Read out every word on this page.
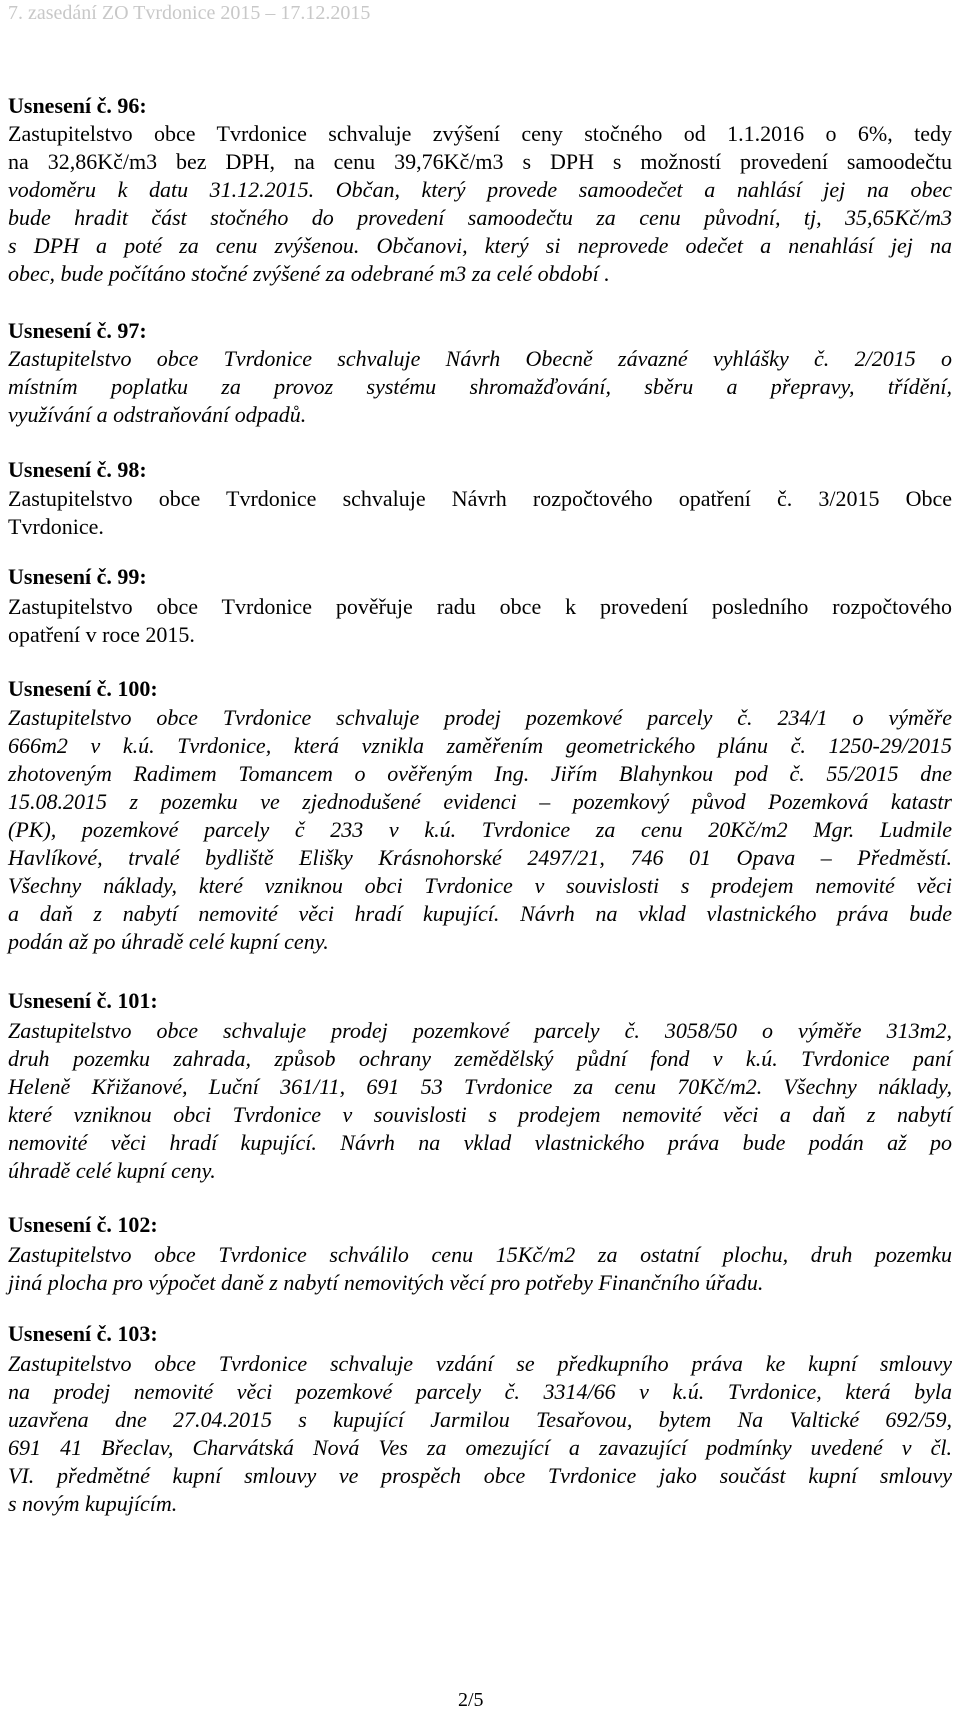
7. zasedání ZO Tvrdonice 2015 – 17.12.2015
Usnesení č. 96:
Zastupitelstvo obce Tvrdonice schvaluje zvýšení ceny stočného od 1.1.2016 o 6%, tedy
na 32,86Kč/m3 bez DPH, na cenu 39,76Kč/m3 s DPH s možností provedení samoodečtu
vodoměru k datu 31.12.2015. Občan, který provede samoodečet a nahlásí jej na obec
bude hradit část stočného do provedení samoodečtu za cenu původní, tj, 35,65Kč/m3
s DPH a poté za cenu zvýšenou. Občanovi, který si neprovede odečet a nenahlásí jej na
obec, bude počítáno stočné zvýšené za odebrané m3 za celé období .
Usnesení č. 97:
Zastupitelstvo obce Tvrdonice schvaluje Návrh Obecně závazné vyhlášky č. 2/2015 o
místním poplatku za provoz systému shromažďování, sběru a přepravy, třídění,
využívání a odstraňování odpadů.
Usnesení č. 98:
Zastupitelstvo obce Tvrdonice schvaluje Návrh rozpočtového opatření č. 3/2015 Obce
Tvrdonice.
Usnesení č. 99:
Zastupitelstvo obce Tvrdonice pověřuje radu obce k provedení posledního rozpočtového
opatření v roce 2015.
Usnesení č. 100:
Zastupitelstvo obce Tvrdonice schvaluje prodej pozemkové parcely č. 234/1 o výměře
666m2 v k.ú. Tvrdonice, která vznikla zaměřením geometrického plánu č. 1250-29/2015
zhotoveným Radimem Tomancem o ověřeným Ing. Jiřím Blahynkou pod č. 55/2015 dne
15.08.2015 z pozemku ve zjednodušené evidenci – pozemkový původ Pozemková katastr
(PK), pozemkové parcely č 233 v k.ú. Tvrdonice za cenu 20Kč/m2 Mgr. Ludmile
Havlíkové, trvalé bydliště Elišky Krásnohorské 2497/21, 746 01 Opava – Předměstí.
Všechny náklady, které vzniknou obci Tvrdonice v souvislosti s prodejem nemovité věci
a daň z nabytí nemovité věci hradí kupující. Návrh na vklad vlastnického práva bude
podán až po úhradě celé kupní ceny.
Usnesení č. 101:
Zastupitelstvo obce schvaluje prodej pozemkové parcely č. 3058/50 o výměře 313m2,
druh pozemku zahrada, způsob ochrany zemědělský půdní fond v k.ú. Tvrdonice paní
Heleně Křižanové, Luční 361/11, 691 53 Tvrdonice za cenu 70Kč/m2. Všechny náklady,
které vzniknou obci Tvrdonice v souvislosti s prodejem nemovité věci a daň z nabytí
nemovité věci hradí kupující. Návrh na vklad vlastnického práva bude podán až po
úhradě celé kupní ceny.
Usnesení č. 102:
Zastupitelstvo obce Tvrdonice schválilo cenu 15Kč/m2 za ostatní plochu, druh pozemku
jiná plocha pro výpočet daně z nabytí nemovitých věcí pro potřeby Finančního úřadu.
Usnesení č. 103:
Zastupitelstvo obce Tvrdonice schvaluje vzdání se předkupního práva ke kupní smlouvy
na prodej nemovité věci pozemkové parcely č. 3314/66 v k.ú. Tvrdonice, která byla
uzavřena dne 27.04.2015 s kupující Jarmilou Tesařovou, bytem Na Valtické 692/59,
691 41 Břeclav, Charvátská Nová Ves za omezující a zavazující podmínky uvedené v čl.
VI. předmětné kupní smlouvy ve prospěch obce Tvrdonice jako součást kupní smlouvy
s novým kupujícím.
2/5
